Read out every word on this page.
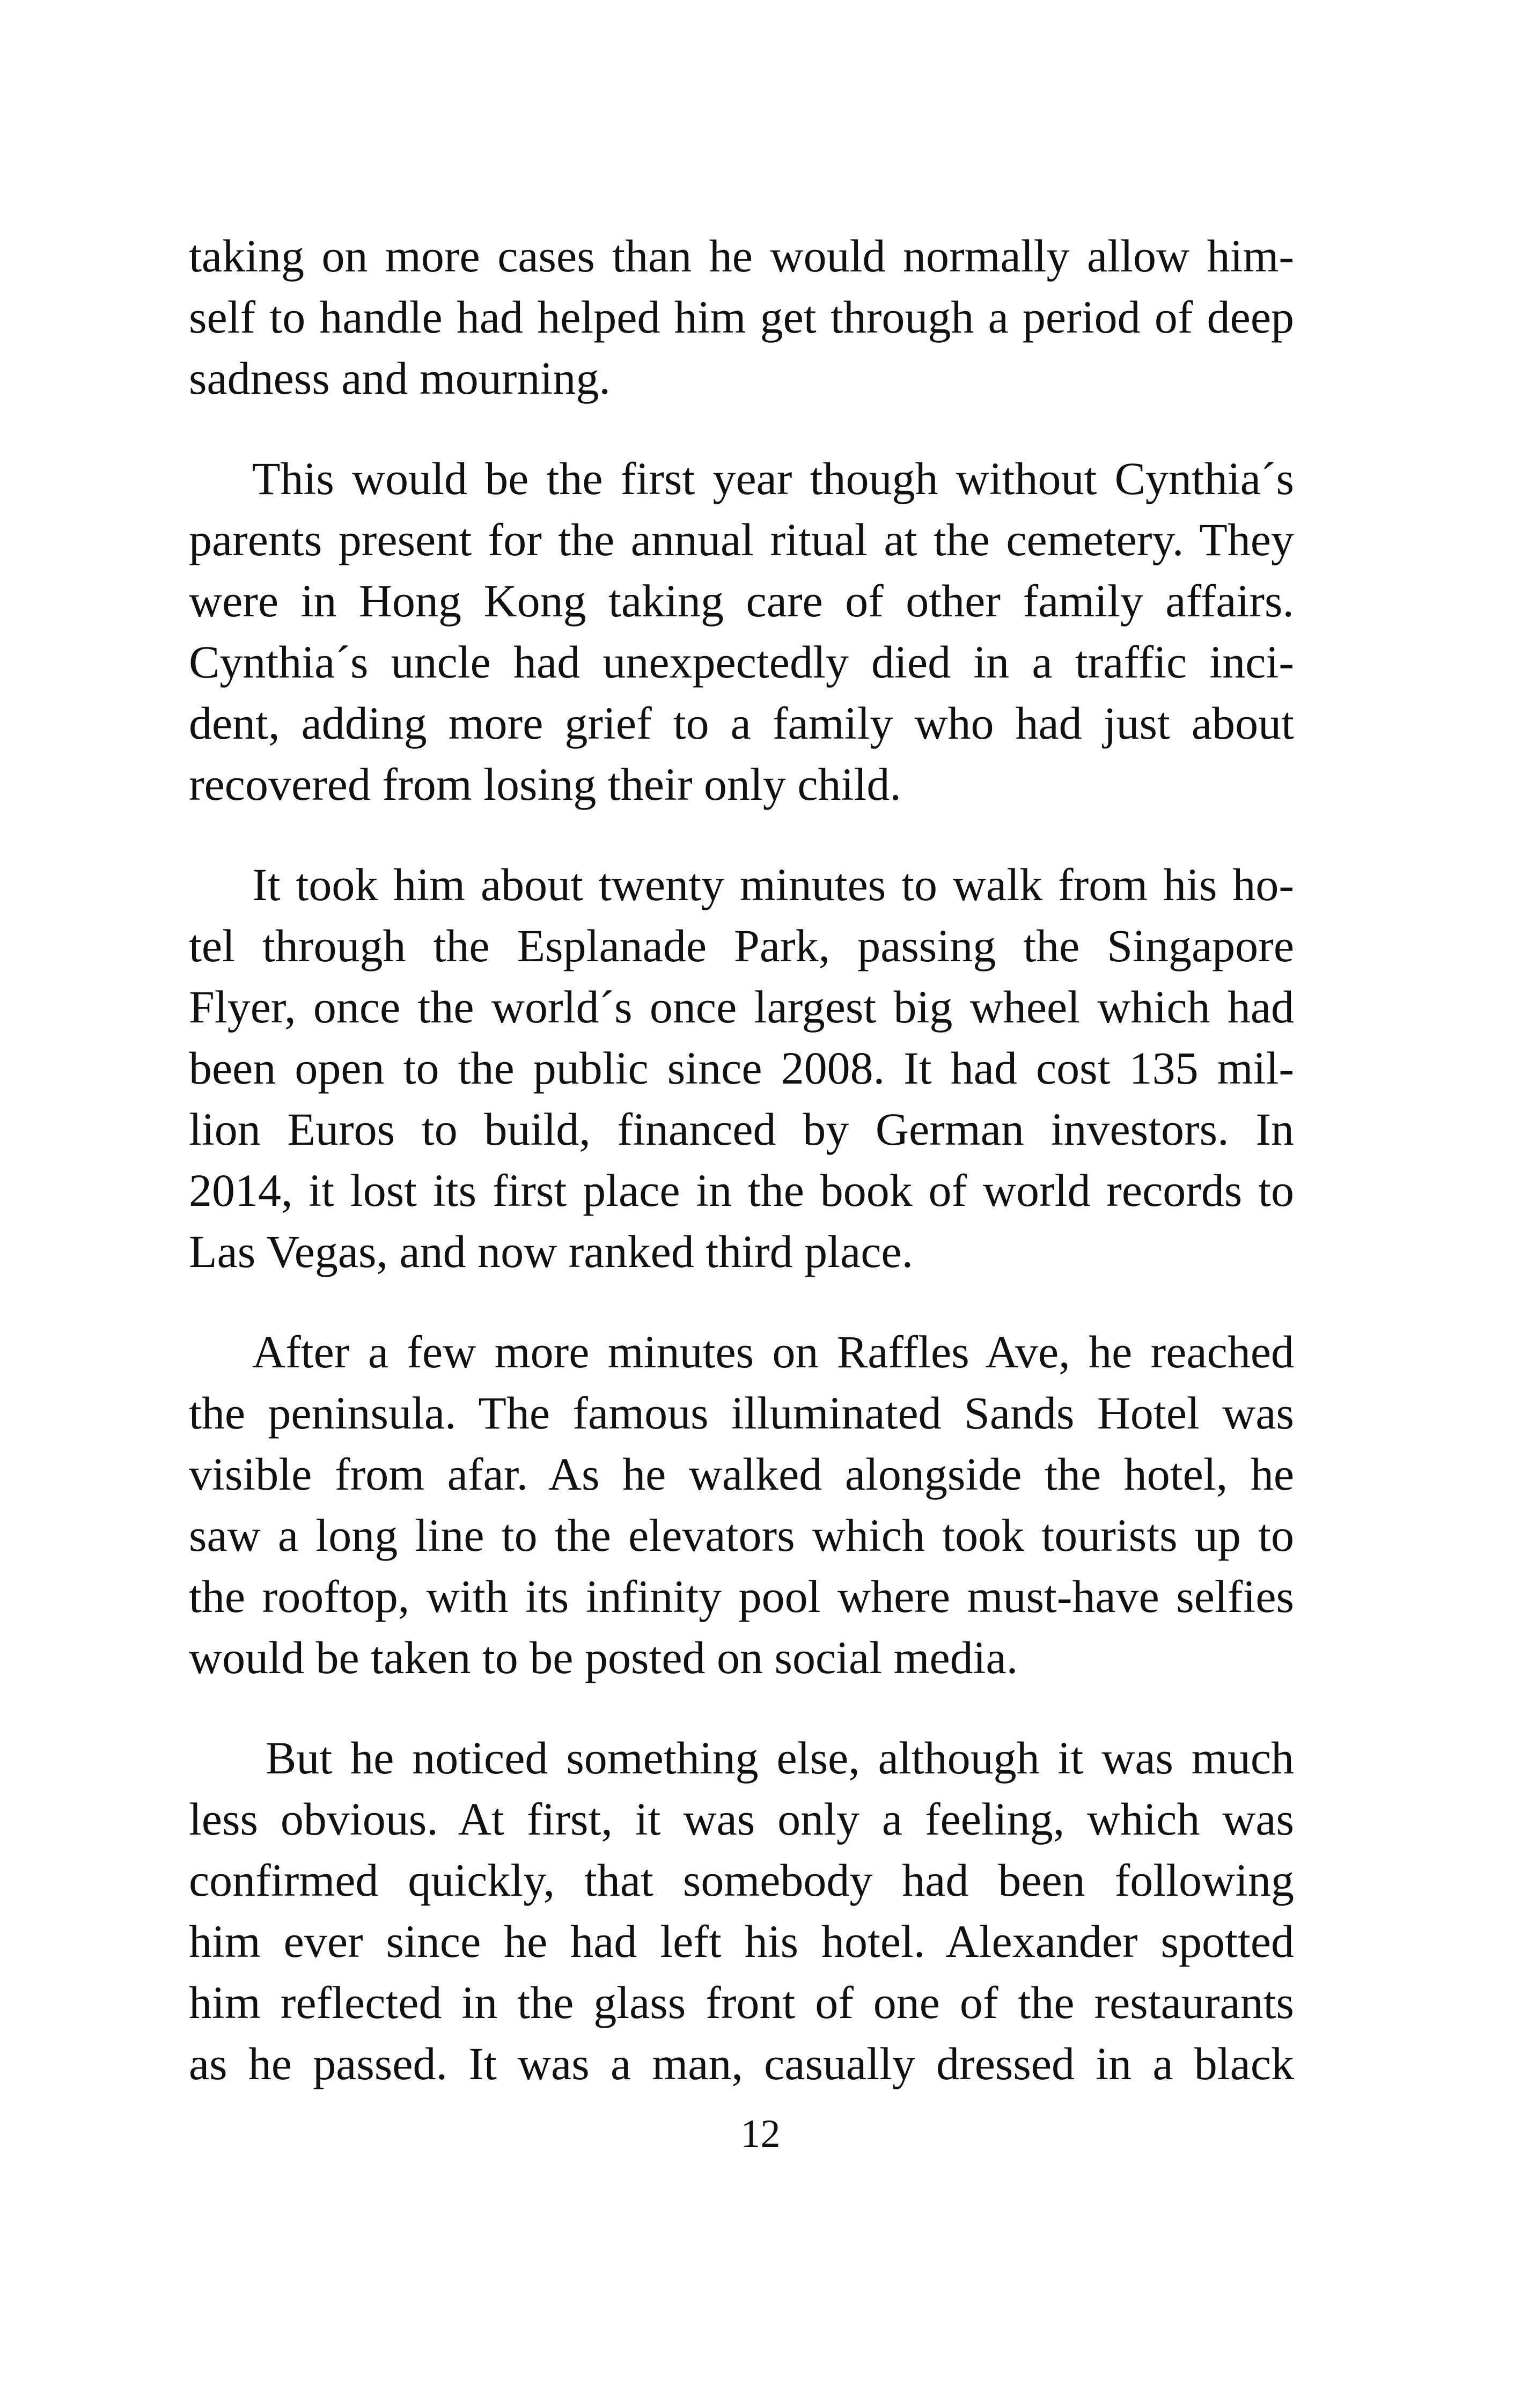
taking on more cases than he would normally allow him-
self to handle had helped him get through a period of deep
sadness and mourning.
This would be the first year though without Cynthia´s
parents present for the annual ritual at the cemetery. They
were in Hong Kong taking care of other family affairs.
Cynthia´s uncle had unexpectedly died in a traffic inci-
dent, adding more grief to a family who had just about
recovered from losing their only child.
It took him about twenty minutes to walk from his ho-
tel through the Esplanade Park, passing the Singapore
Flyer, once the world´s once largest big wheel which had
been open to the public since 2008. It had cost 135 mil-
lion Euros to build, financed by German investors. In
2014, it lost its first place in the book of world records to
Las Vegas, and now ranked third place.
After a few more minutes on Raffles Ave, he reached
the peninsula. The famous illuminated Sands Hotel was
visible from afar. As he walked alongside the hotel, he
saw a long line to the elevators which took tourists up to
the rooftop, with its infinity pool where must-have selfies
would be taken to be posted on social media.
But he noticed something else, although it was much
less obvious. At first, it was only a feeling, which was
confirmed quickly, that somebody had been following
him ever since he had left his hotel. Alexander spotted
him reflected in the glass front of one of the restaurants
as he passed. It was a man, casually dressed in a black
12
